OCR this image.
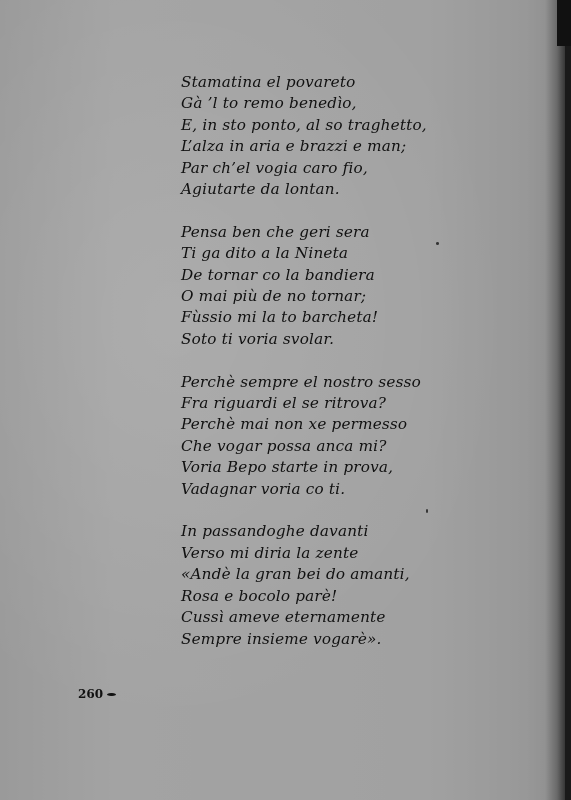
Stamatina el povareto
Gà ’l to remo benedìo,
E, in sto ponto, al so traghetto,
L’alza in aria e brazzi e man;
Par ch’el vogia caro fio,
Agiutarte da lontan.
Pensa ben che geri sera
Ti ga dito a la Nineta
De tornar co la bandiera
O mai più de no tornar;
Fùssio mi la to barcheta!
Soto ti voria svolar.
Perchè sempre el nostro sesso
Fra riguardi el se ritrova?
Perchè mai non xe permesso
Che vogar possa anca mi?
Voria Bepo starte in prova,
Vadagnar voria co ti.
In passandoghe davanti
Verso mi diria la zente
«Andè la gran bei do amanti,
Rosa e bocolo parè!
Cussì ameve eternamente
Sempre insieme vogarè».
260
